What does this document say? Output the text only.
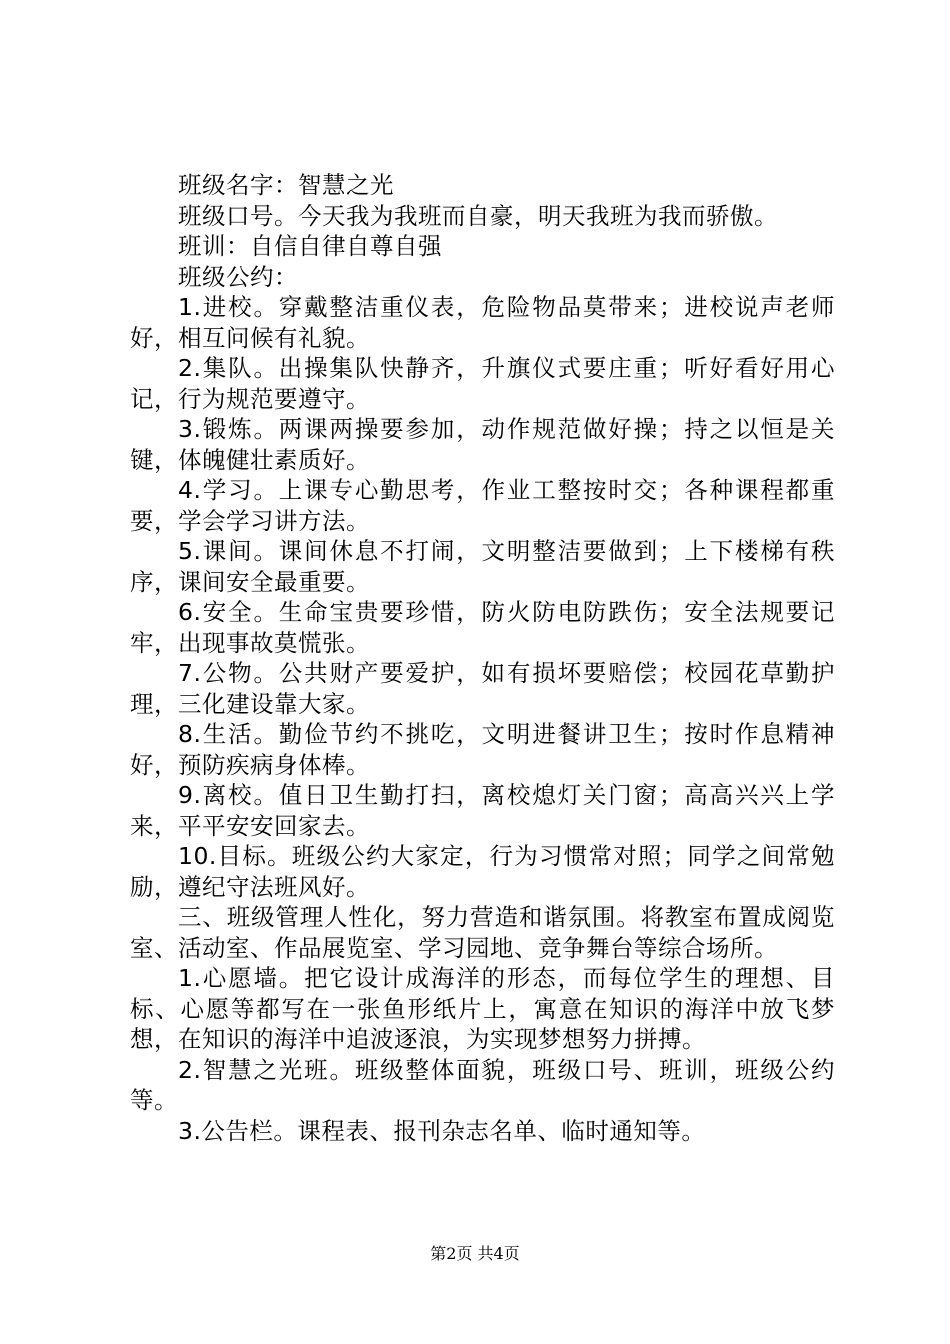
班级名字：智慧之光

班级口号。今天我为我班而自豪，明天我班为我而骄傲。

班训：自信自律自尊自强

班级公约：

1.进校。穿戴整洁重仪表，危险物品莫带来；进校说声老师好，相互问候有礼貌。

2.集队。出操集队快静齐，升旗仪式要庄重；听好看好用心记，行为规范要遵守。

3.锻炼。两课两操要参加，动作规范做好操；持之以恒是关键，体魄健壮素质好。

4.学习。上课专心勤思考，作业工整按时交；各种课程都重要，学会学习讲方法。

5.课间。课间休息不打闹，文明整洁要做到；上下楼梯有秩序，课间安全最重要。

6.安全。生命宝贵要珍惜，防火防电防跌伤；安全法规要记牢，出现事故莫慌张。

7.公物。公共财产要爱护，如有损坏要赔偿；校园花草勤护理，三化建设靠大家。

8.生活。勤俭节约不挑吃，文明进餐讲卫生；按时作息精神好，预防疾病身体棒。

9.离校。值日卫生勤打扫，离校熄灯关门窗；高高兴兴上学来，平平安安回家去。

10.目标。班级公约大家定，行为习惯常对照；同学之间常勉励，遵纪守法班风好。

三、班级管理人性化，努力营造和谐氛围。将教室布置成阅览室、活动室、作品展览室、学习园地、竞争舞台等综合场所。

1.心愿墙。把它设计成海洋的形态，而每位学生的理想、目标、心愿等都写在一张鱼形纸片上，寓意在知识的海洋中放飞梦想，在知识的海洋中追波逐浪，为实现梦想努力拼搏。

2.智慧之光班。班级整体面貌，班级口号、班训，班级公约等。

3.公告栏。课程表、报刊杂志名单、临时通知等。

第2页 共4页
